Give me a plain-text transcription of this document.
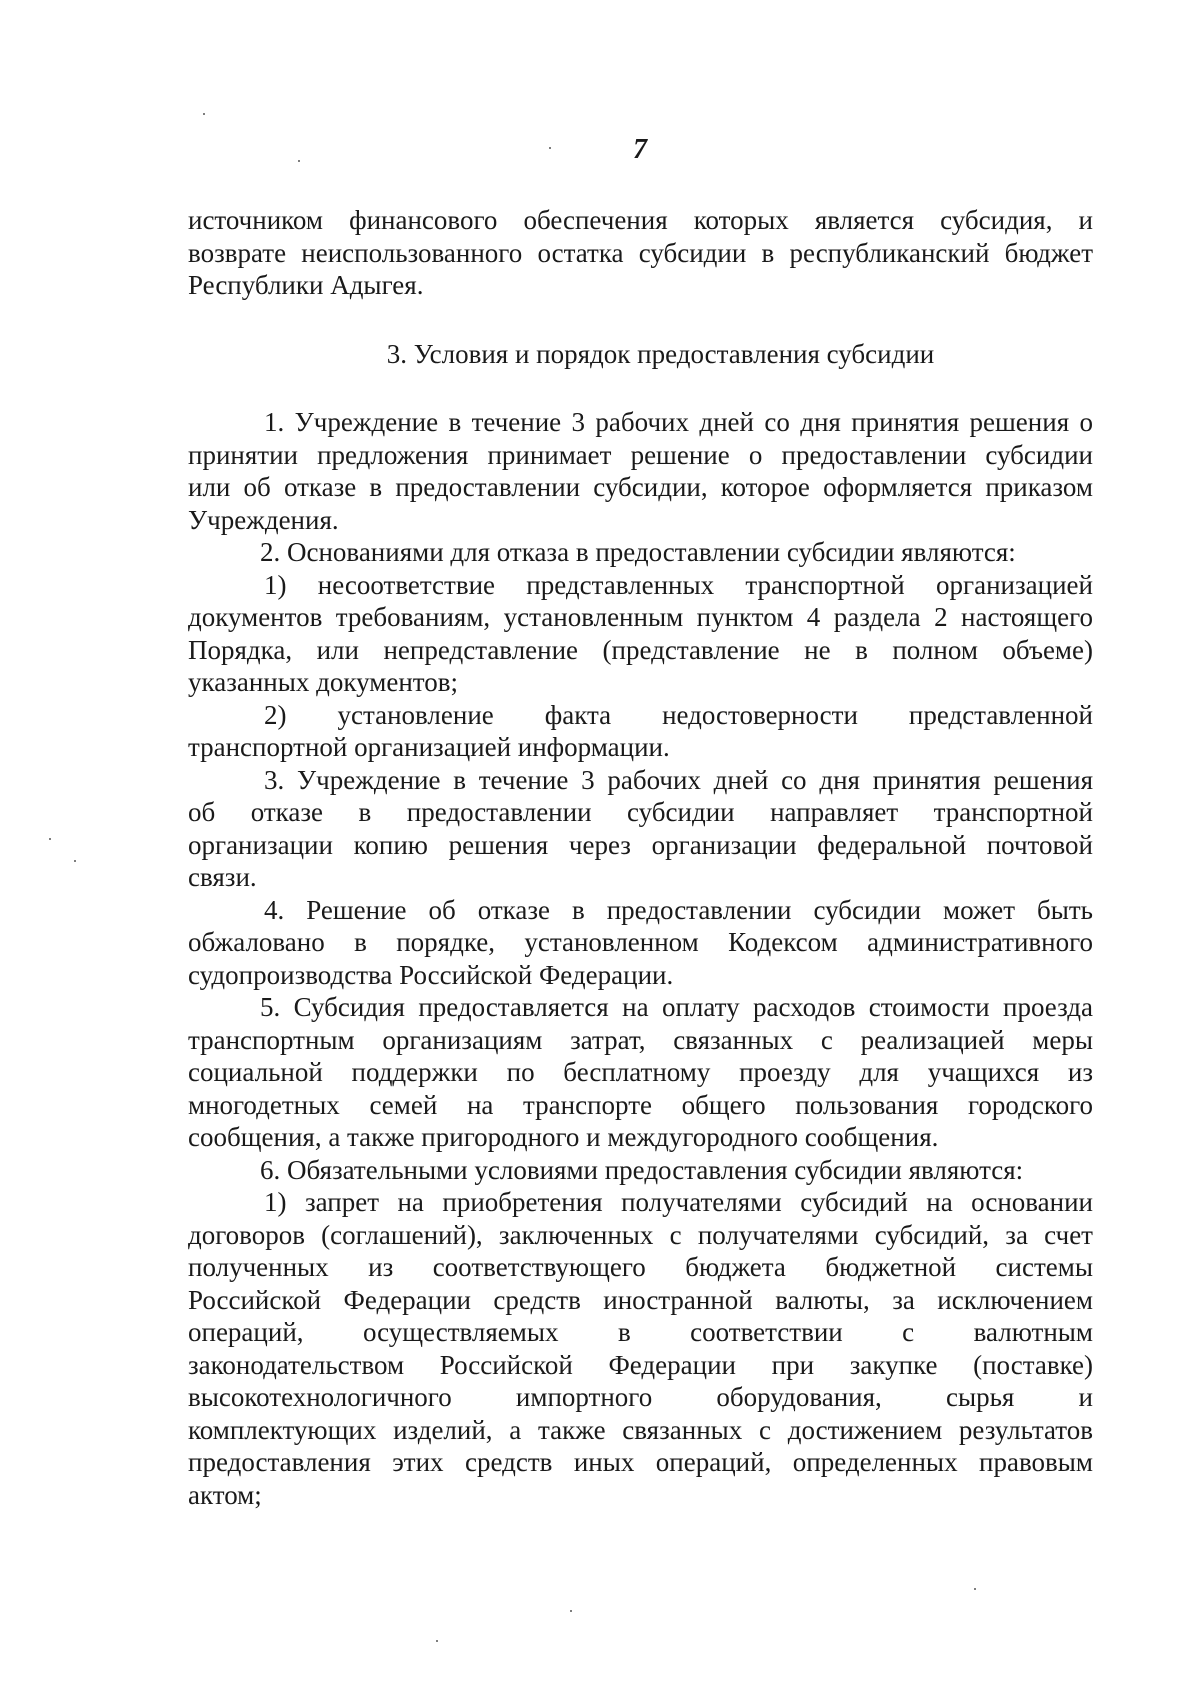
7
источником финансового обеспечения которых является субсидия, и
возврате неиспользованного остатка субсидии в республиканский бюджет
Республики Адыгея.
3. Условия и порядок предоставления субсидии
1. Учреждение в течение 3 рабочих дней со дня принятия решения о
принятии предложения принимает решение о предоставлении субсидии
или об отказе в предоставлении субсидии, которое оформляется приказом
Учреждения.
2. Основаниями для отказа в предоставлении субсидии являются:
1) несоответствие представленных транспортной организацией
документов требованиям, установленным пунктом 4 раздела 2 настоящего
Порядка, или непредставление (представление не в полном объеме)
указанных документов;
2) установление факта недостоверности представленной
транспортной организацией информации.
3. Учреждение в течение 3 рабочих дней со дня принятия решения
об отказе в предоставлении субсидии направляет транспортной
организации копию решения через организации федеральной почтовой
связи.
4. Решение об отказе в предоставлении субсидии может быть
обжаловано в порядке, установленном Кодексом административного
судопроизводства Российской Федерации.
5. Субсидия предоставляется на оплату расходов стоимости проезда
транспортным организациям затрат, связанных с реализацией меры
социальной поддержки по бесплатному проезду для учащихся из
многодетных семей на транспорте общего пользования городского
сообщения, а также пригородного и междугородного сообщения.
6. Обязательными условиями предоставления субсидии являются:
1) запрет на приобретения получателями субсидий на основании
договоров (соглашений), заключенных с получателями субсидий, за счет
полученных из соответствующего бюджета бюджетной системы
Российской Федерации средств иностранной валюты, за исключением
операций, осуществляемых в соответствии с валютным
законодательством Российской Федерации при закупке (поставке)
высокотехнологичного импортного оборудования, сырья и
комплектующих изделий, а также связанных с достижением результатов
предоставления этих средств иных операций, определенных правовым
актом;
